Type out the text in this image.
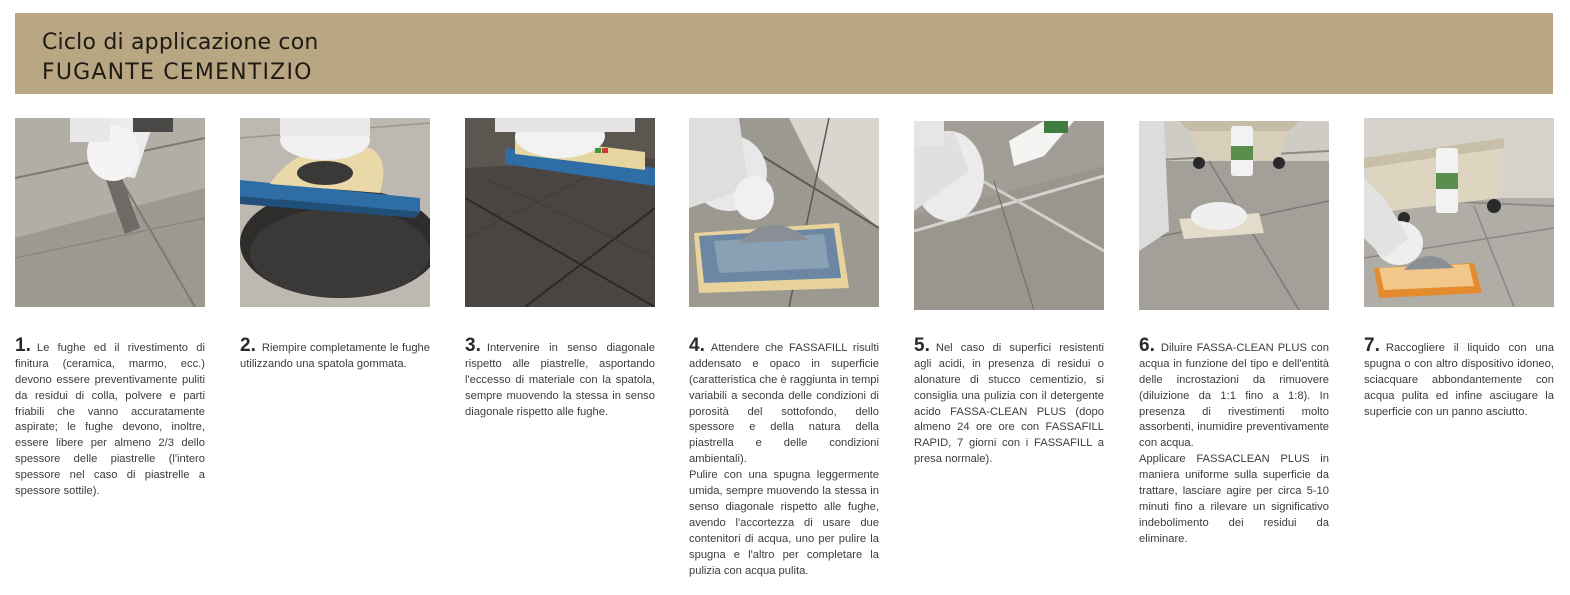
Ciclo di applicazione con
FUGANTE CEMENTIZIO

1. Le fughe ed il rivestimento di finitura (ceramica, marmo, ecc.) devono essere preventivamente puliti da residui di colla, polvere e parti friabili che vanno accuratamente aspirate; le fughe devono, inoltre, essere libere per almeno 2/3 dello spessore delle piastrelle (l'intero spessore nel caso di piastrelle a spessore sottile).

2. Riempire completamente le fughe utilizzando una spatola gommata.

3. Intervenire in senso diagonale rispetto alle piastrelle, asportando l'eccesso di materiale con la spatola, sempre muovendo la stessa in senso diagonale rispetto alle fughe.

4. Attendere che FASSAFILL risulti addensato e opaco in superficie (caratteristica che è raggiunta in tempi variabili a seconda delle condizioni di porosità del sottofondo, dello spessore e della natura della piastrella e delle condizioni ambientali).

Pulire con una spugna leggermente umida, sempre muovendo la stessa in senso diagonale rispetto alle fughe, avendo l'accortezza di usare due contenitori di acqua, uno per pulire la spugna e l'altro per completare la pulizia con acqua pulita.

5. Nel caso di superfici resistenti agli acidi, in presenza di residui o alonature di stucco cementizio, si consiglia una pulizia con il detergente acido FASSA-CLEAN PLUS (dopo almeno 24 ore ore con FASSAFILL RAPID, 7 giorni con i FASSAFILL a presa normale).

6. Diluire FASSA-CLEAN PLUS con acqua in funzione del tipo e dell'entità delle incrostazioni da rimuovere (diluizione da 1:1 fino a 1:8). In presenza di rivestimenti molto assorbenti, inumidire preventivamente con acqua.

Applicare FASSACLEAN PLUS in maniera uniforme sulla superficie da trattare, lasciare agire per circa 5-10 minuti fino a rilevare un significativo indebolimento dei residui da eliminare.

7. Raccogliere il liquido con una spugna o con altro dispositivo idoneo, sciacquare abbondantemente con acqua pulita ed infine asciugare la superficie con un panno asciutto.
